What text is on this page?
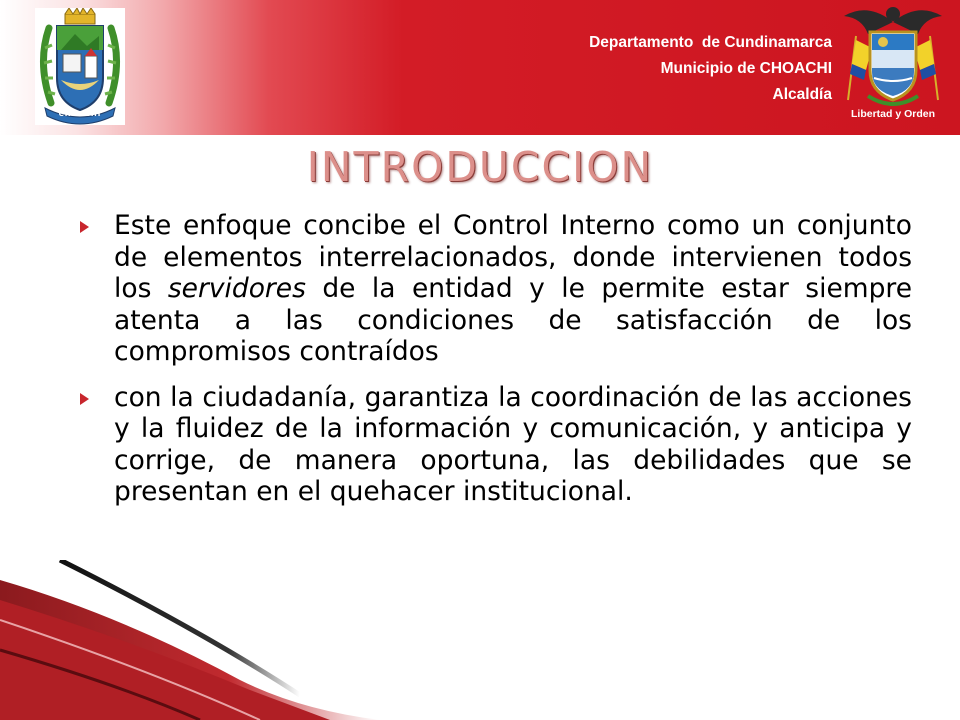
CHOACHI
Departamento  de Cundinamarca
Municipio de CHOACHI
Alcaldía
Libertad y Orden
INTRODUCCION
Este enfoque concibe el Control Interno como un conjunto de elementos interrelacionados, donde intervienen todos los servidores de la entidad y le permite estar siempre atenta a las condiciones de satisfacción de los compromisos contraídos
con la ciudadanía, garantiza la coordinación de las acciones y la fluidez de la información y comunicación, y anticipa y corrige, de manera oportuna, las debilidades que se presentan en el quehacer institucional.
